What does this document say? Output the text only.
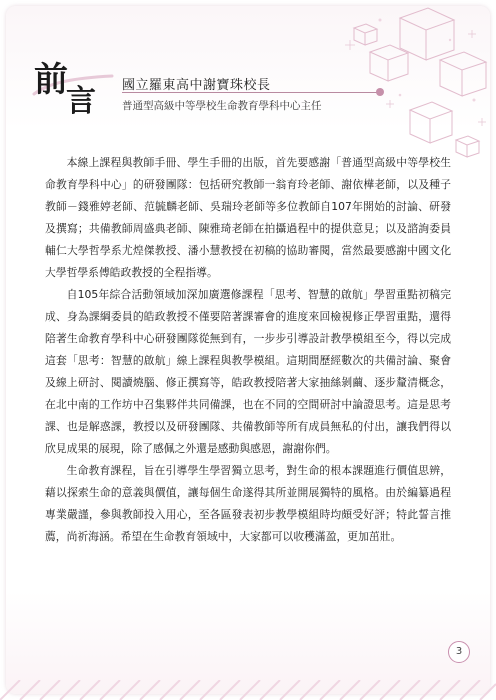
前
言 國立羅東高中謝寶珠校長
普通型高級中等學校生命教育學科中心主任

本線上課程與教師手冊、學生手冊的出版，首先要感謝「普通型高級中等學校生命教育學科中心」的研發團隊：包括研究教師一翁育玲老師、謝依樺老師，以及種子教師－錢雅婷老師、范毓麟老師、吳瑞玲老師等多位教師自107年開始的討論、研發及撰寫；共備教師周盛典老師、陳雅琦老師在拍攝過程中的提供意見；以及諮詢委員輔仁大學哲學系尤煌傑教授、潘小慧教授在初稿的協助審閱，當然最要感謝中國文化大學哲學系傅皓政教授的全程指導。

自105年綜合活動領域加深加廣選修課程「思考、智慧的啟航」學習重點初稿完成、身為課綱委員的皓政教授不僅要陪著課審會的進度來回檢視修正學習重點，還得陪著生命教育學科中心研發團隊從無到有，一步步引導設計教學模組至今，得以完成這套「思考：智慧的啟航」線上課程與教學模組。這期間歷經數次的共備討論、聚會及線上研討、閱讀燒腦、修正撰寫等，皓政教授陪著大家抽絲剝繭、逐步釐清概念，在北中南的工作坊中召集夥伴共同備課，也在不同的空間研討中論證思考。這是思考課、也是解惑課，教授以及研發團隊、共備教師等所有成員無私的付出，讓我們得以欣見成果的展現，除了感佩之外還是感動與感恩，謝謝你們。

生命教育課程，旨在引導學生學習獨立思考，對生命的根本課題進行價值思辨，藉以探索生命的意義與價值，讓每個生命遂得其所並開展獨特的風格。由於編纂過程專業嚴謹，參與教師投入用心，至各區發表初步教學模組時均頗受好評；特此誓言推薦，尚祈海涵。希望在生命教育領域中，大家都可以收穫滿盈，更加茁壯。

3
